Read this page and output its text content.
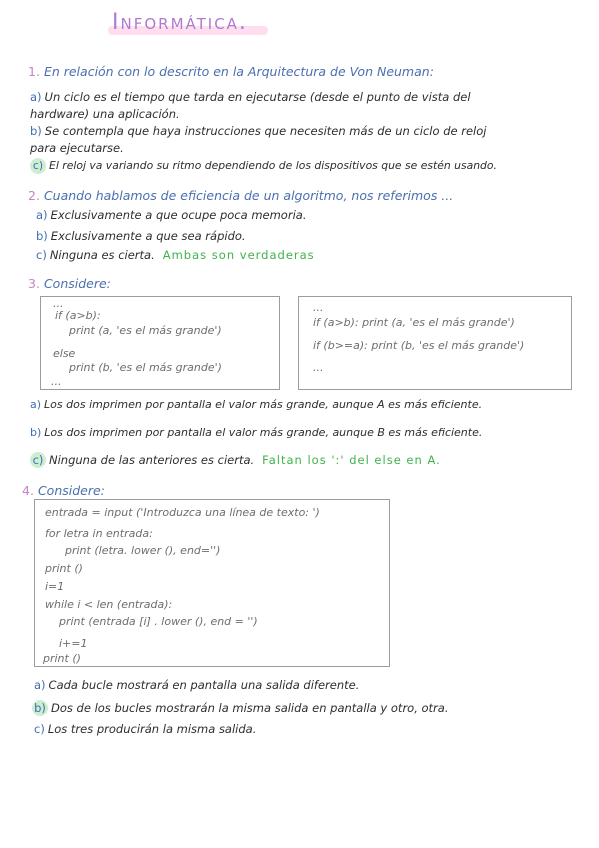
Informática.
1. En relación con lo descrito en la Arquitectura de Von Neuman:
a) Un ciclo es el tiempo que tarda en ejecutarse (desde el punto de vista del
hardware) una aplicación.
b) Se contempla que haya instrucciones que necesiten más de un ciclo de reloj
para ejecutarse.
c) El reloj va variando su ritmo dependiendo de los dispositivos que se estén usando.
2. Cuando hablamos de eficiencia de un algoritmo, nos referimos ...
a) Exclusivamente a que ocupe poca memoria.
b) Exclusivamente a que sea rápido.
c) Ninguna es cierta. Ambas son verdaderas
3. Considere:
...
if (a>b):
print (a, 'es el más grande')
else
print (b, 'es el más grande')
...
...
if (a>b): print (a, 'es el más grande')
if (b>=a): print (b, 'es el más grande')
...
a) Los dos imprimen por pantalla el valor más grande, aunque A es más eficiente.
b) Los dos imprimen por pantalla el valor más grande, aunque B es más eficiente.
c) Ninguna de las anteriores es cierta. Faltan los ':' del else en A.
4. Considere:
entrada = input ('Introduzca una línea de texto: ')
for letra in entrada:
print (letra. lower (), end='')
print ()
i=1
while i < len (entrada):
print (entrada [i] . lower (), end = '')
i+=1
print ()
a) Cada bucle mostrará en pantalla una salida diferente.
b) Dos de los bucles mostrarán la misma salida en pantalla y otro, otra.
c) Los tres producirán la misma salida.
